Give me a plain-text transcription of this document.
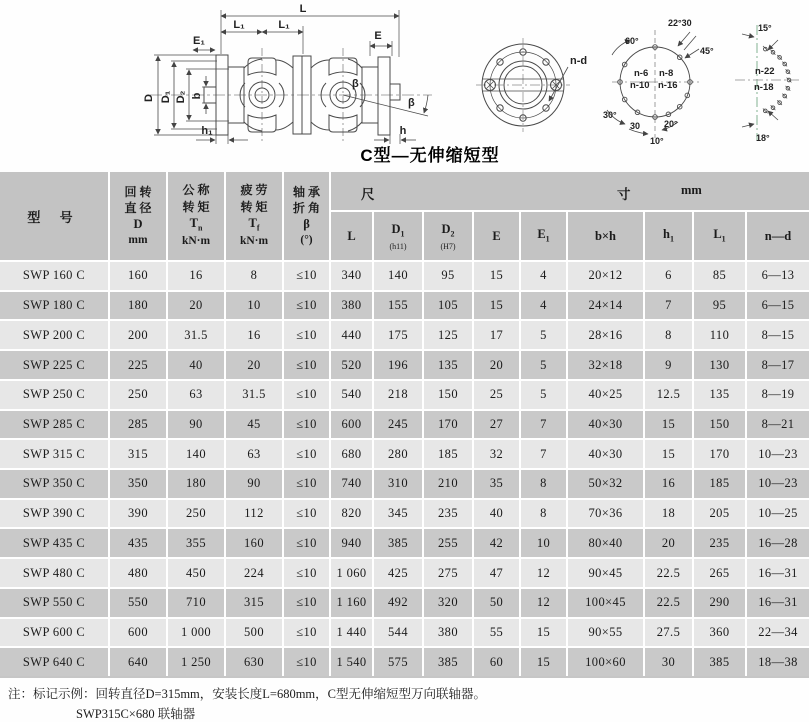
L
L₁	L₁
E₁	E
D D₁ D₂ b
h₁	h
β
β
n-d
22°30
45°
60°
n-6 n-8
n-10 n-16
30°
30	20°
10°
15°
n-22
n-18
18°
C型—无伸缩短型
型 号
回 转
直 径
D
mm
公 称
转 矩
$T_n$
kN·m
疲 劳
转 矩
$T_f$
kN·m
轴 承
折 角
β
(°)
尺	寸	mm
L	$D_1$
(h11)
$D_2$
(H7)
E	$E_1$	b×h	$h_1$	$L_1$	n—d
SWP 160 C	160	16	8	≤10	340	140	95	15	4	20×12	6	85	6—13
SWP 180 C	180	20	10	≤10	380	155	105	15	4	24×14	7	95	6—15
SWP 200 C	200	31.5	16	≤10	440	175	125	17	5	28×16	8	110	8—15
SWP 225 C	225	40	20	≤10	520	196	135	20	5	32×18	9	130	8—17
SWP 250 C	250	63	31.5	≤10	540	218	150	25	5	40×25	12.5	135	8—19
SWP 285 C	285	90	45	≤10	600	245	170	27	7	40×30	15	150	8—21
SWP 315 C	315	140	63	≤10	680	280	185	32	7	40×30	15	170	10—23
SWP 350 C	350	180	90	≤10	740	310	210	35	8	50×32	16	185	10—23
SWP 390 C	390	250	112	≤10	820	345	235	40	8	70×36	18	205	10—25
SWP 435 C	435	355	160	≤10	940	385	255	42	10	80×40	20	235	16—28
SWP 480 C	480	450	224	≤10	1 060	425	275	47	12	90×45	22.5	265	16—31
SWP 550 C	550	710	315	≤10	1 160	492	320	50	12	100×45	22.5	290	16—31
SWP 600 C	600	1 000	500	≤10	1 440	544	380	55	15	90×55	27.5	360	22—34
SWP 640 C	640	1 250	630	≤10	1 540	575	385	60	15	100×60	30	385	18—38
注：标记示例：回转直径D=315mm，安装长度L=680mm，C型无伸缩短型万向联轴器。
SWP315C×680 联轴器
